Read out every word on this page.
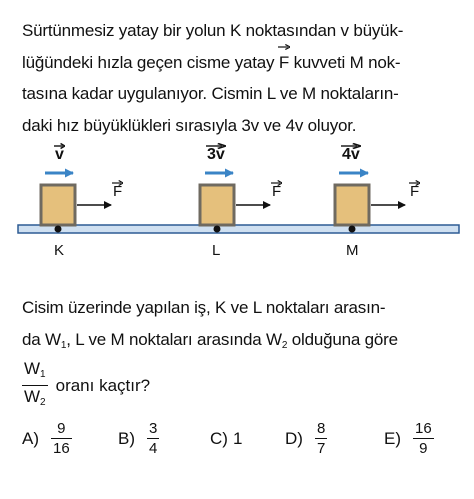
Sürtünmesiz yatay bir yolun K noktasından v büyük-
lüğündeki hızla geçen cisme yatay
F kuvveti M nok-
tasına kadar uygulanıyor. Cismin L ve M noktaların-
daki hız büyüklükleri sırasıyla 3v ve 4v oluyor.
v	3v	4v
F	F	F
K	L	M
Cisim üzerinde yapılan iş, K ve L noktaları arasın-
da $W_1$, L ve M noktaları arasında $W_2$ olduğuna göre
$\frac{W_1}{W_2}$ oranı kaçtır?
$A) \frac{9}{16}$	$B) \frac{3}{4}$	C) 1	$D) \frac{8}{7}$	$E) \frac{16}{9}$
